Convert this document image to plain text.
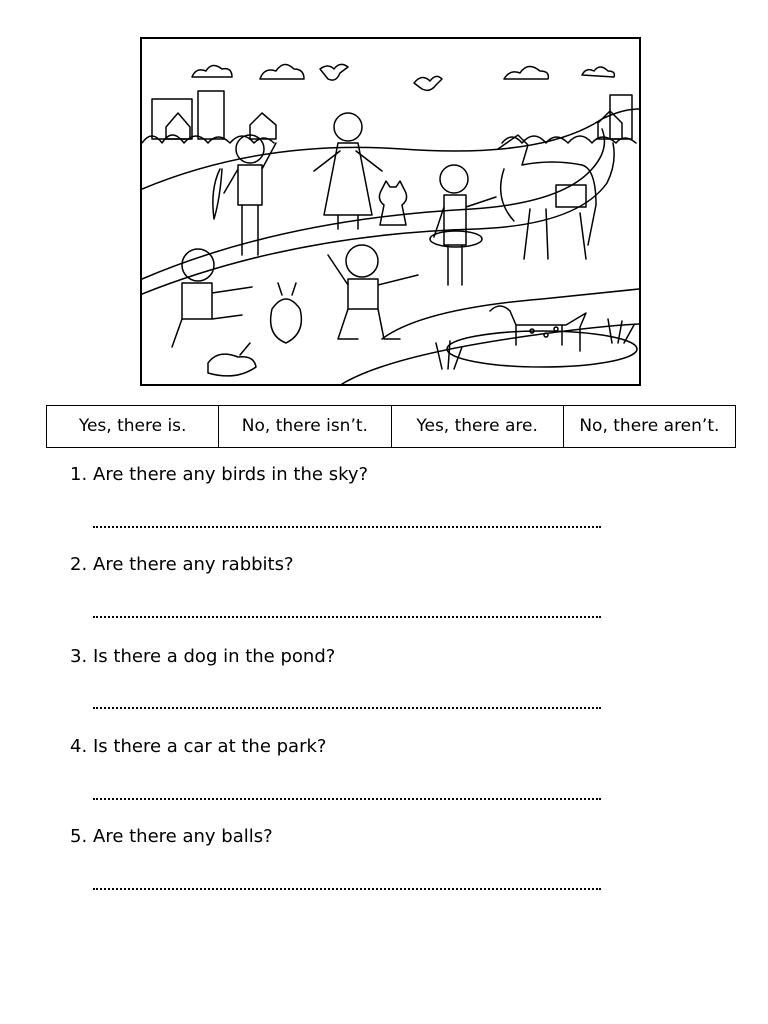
Yes, there is.	No, there isn’t.	Yes, there are.	No, there aren’t.
1. Are there any birds in the sky?
2. Are there any rabbits?
3. Is there a dog in the pond?
4. Is there a car at the park?
5. Are there any balls?
